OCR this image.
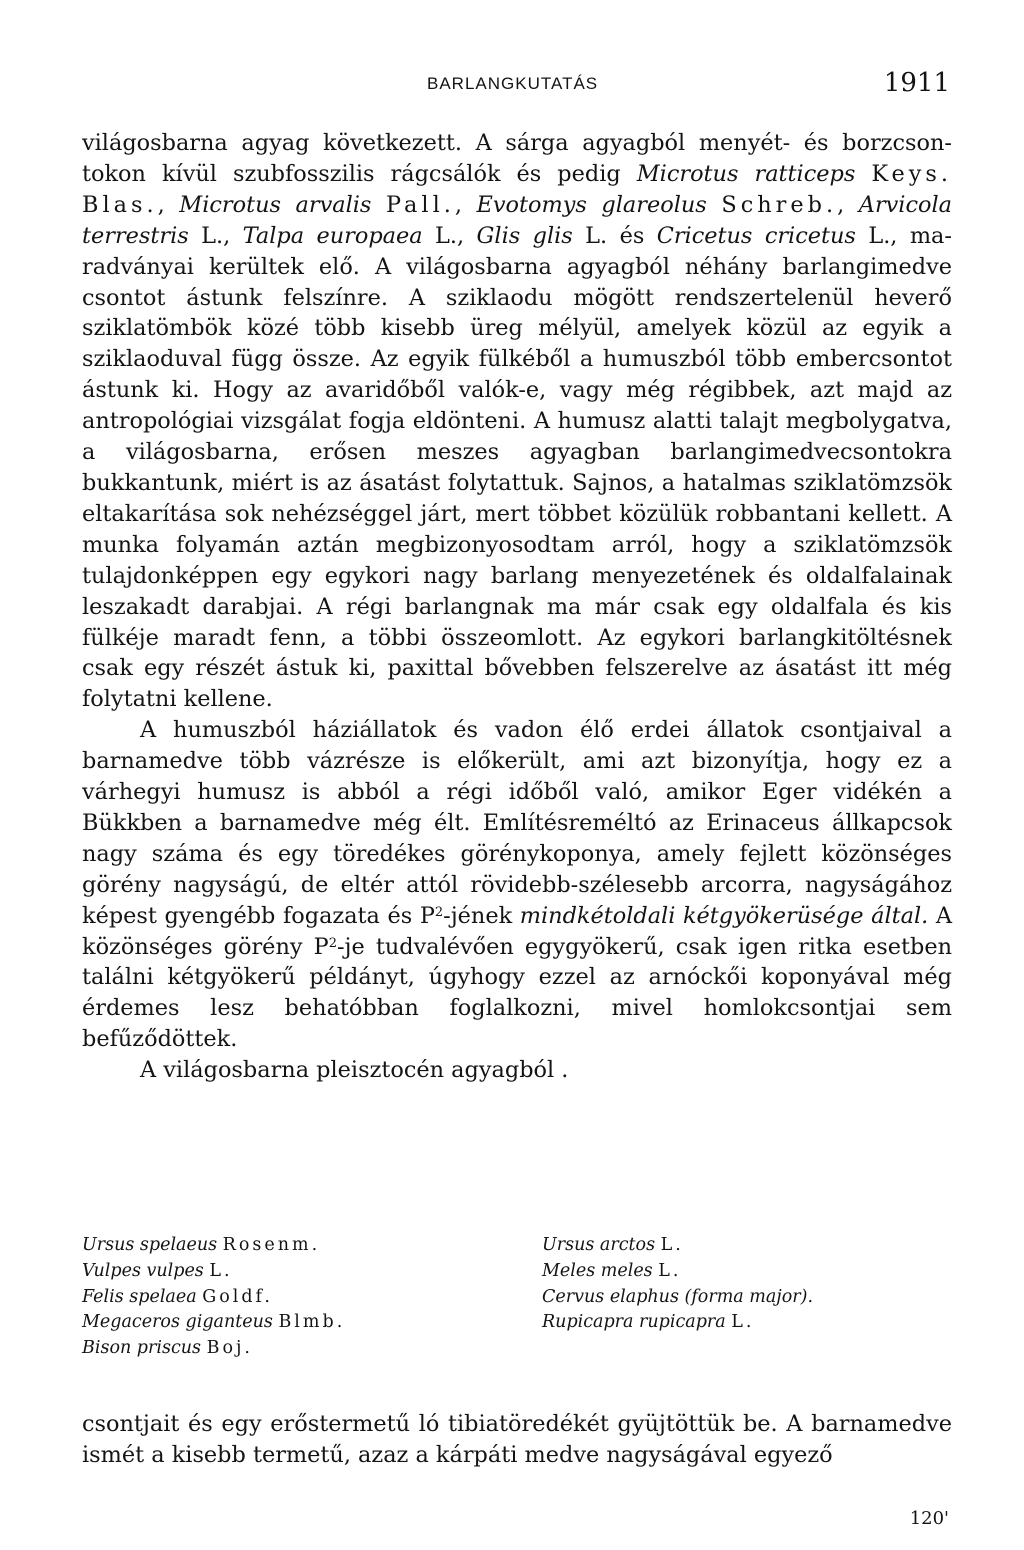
BARLANGKUTATÁS	1911

világosbarna agyag következett. A sárga agyagból menyét- és borzcsontokon kívül szubfosszilis rágcsálók és pedig Microtus ratticeps Keys. Blas., Microtus arvalis Pall., Evotomys glareolus Schreb., Arvicola terrestris L., Talpa europaea L., Glis glis L. és Cricetus cricetus L., maradványai kerültek elő. A világosbarna agyagból néhány barlangimedve csontot ástunk felszínre. A sziklaodu mögött rendszertelenül heverő sziklatömbök közé több kisebb üreg mélyül, amelyek közül az egyik a sziklaoduval függ össze. Az egyik fülkéből a humuszból több embercsontot ástunk ki. Hogy az avaridőből valók-e, vagy még régibbek, azt majd az antropológiai vizsgálat fogja eldönteni. A humusz alatti talajt megbolygatva, a világosbarna, erősen meszes agyagban barlangimedvecsontokra bukkantunk, miért is az ásatást folytattuk. Sajnos, a hatalmas sziklatömzsök eltakarítása sok nehézséggel járt, mert többet közülük robbantani kellett. A munka folyamán aztán megbizonyosodtam arról, hogy a sziklatömzsök tulajdonképpen egy egykori nagy barlang menyezetének és oldalfalainak leszakadt darabjai. A régi barlangnak ma már csak egy oldalfala és kis fülkéje maradt fenn, a többi összeomlott. Az egykori barlangkitöltésnek csak egy részét ástuk ki, paxittal bővebben felszerelve az ásatást itt még folytatni kellene.

A humuszból háziállatok és vadon élő erdei állatok csontjaival a barnamedve több vázrésze is előkerült, ami azt bizonyítja, hogy ez a várhegyi humusz is abból a régi időből való, amikor Eger vidékén a Bükkben a barnamedve még élt. Említésreméltó az Erinaceus állkapcsok nagy száma és egy töredékes görénykoponya, amely fejlett közönséges görény nagyságú, de eltér attól rövidebb-szélesebb arcorra, nagyságához képest gyengébb fogazata és $P^2$-jének mindkétoldali kétgyökerüsége által. A közönséges görény $P^2-je$ tudvalévően egygyökerű, csak igen ritka esetben találni kétgyökerű példányt, úgyhogy ezzel az arnóckői koponyával még érdemes lesz behatóbban foglalkozni, mivel homlokcsontjai sem befűződöttek.

A világosbarna pleisztocén agyagból .

Ursus spelaeus Rosenm.
Vulpes vulpes L.
Felis spelaea Goldf.
Megaceros giganteus Blmb.
Bison priscus Boj.
Ursus arctos L.
Meles meles L.
Cervus elaphus (forma major).
Rupicapra rupicapra L.

csontjait és egy erőstermetű ló tibiatöredékét gyüjtöttük be. A barnamedve ismét a kisebb termetű, azaz a kárpáti medve nagyságával egyező

120'
